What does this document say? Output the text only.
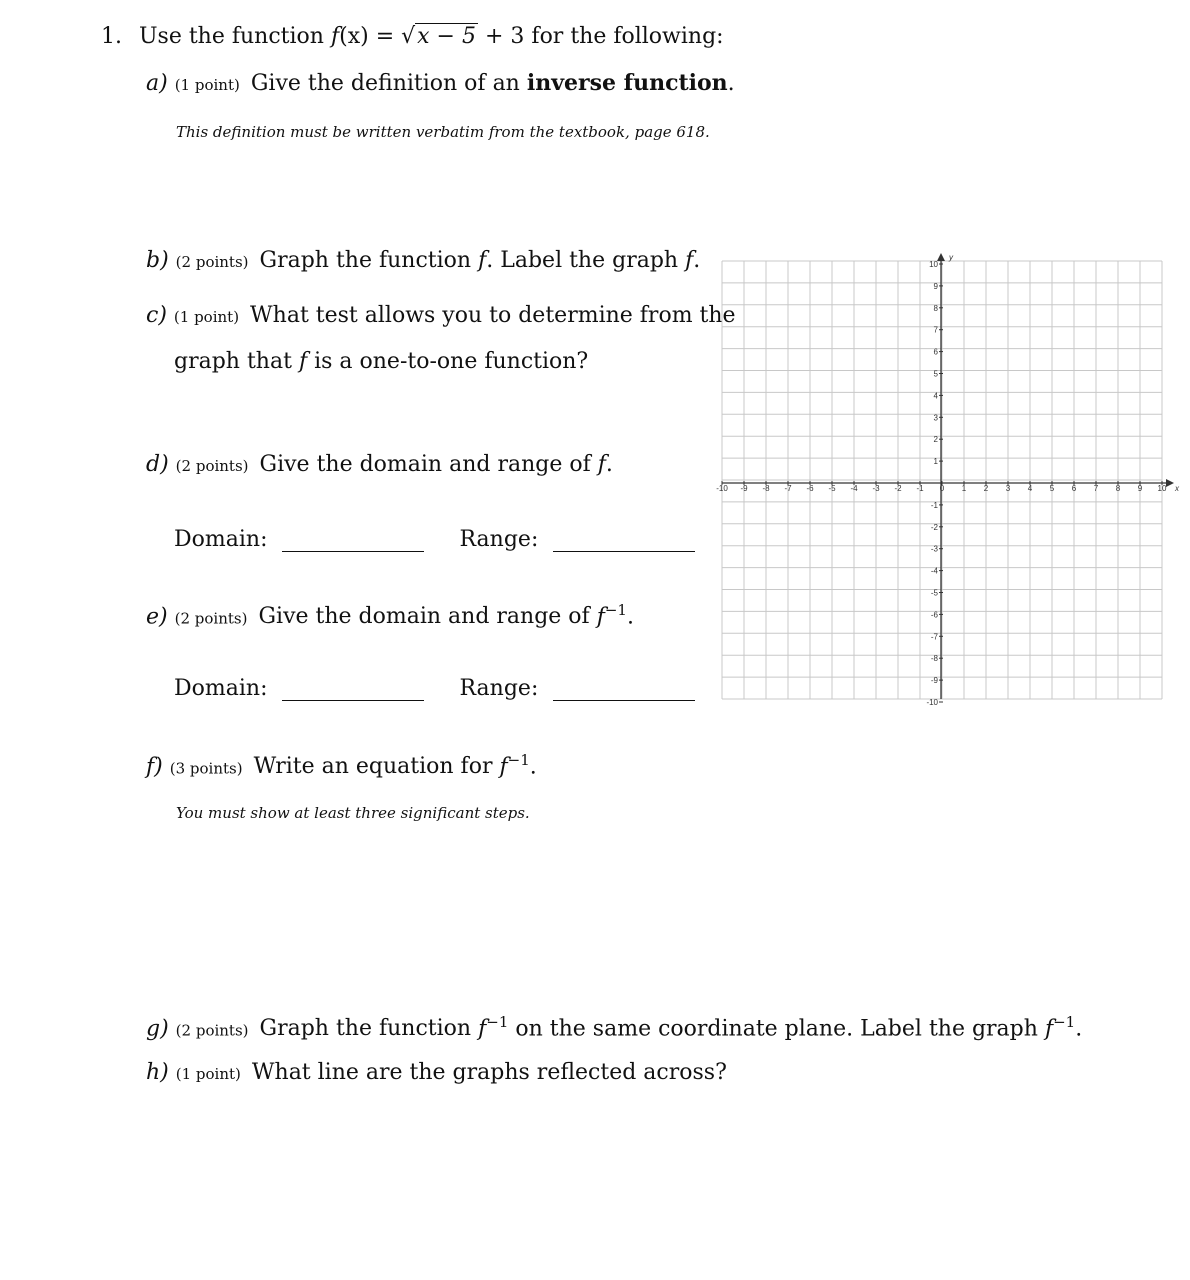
1. Use the function f(x) = √x − 5 + 3 for the following:
a) (1 point) Give the definition of an inverse function.
This definition must be written verbatim from the textbook, page 618.
b) (2 points) Graph the function f. Label the graph f.
c) (1 point) What test allows you to determine from the
graph that f is a one-to-one function?
d) (2 points) Give the domain and range of f.
Domain:	Range:
e) (2 points) Give the domain and range of $f^{-1}$.
Domain:	Range:
f) (3 points) Write an equation for $f^{-1}$.
You must show at least three significant steps.
g) (2 points) Graph the function $f^{-1}$ on the same coordinate plane. Label the graph $f^{-1}$.
h) (1 point) What line are the graphs reflected across?
-10 -9 -8 -7 -6 -5 -4 -3 -2 -1 0 1 2 3 4 5 6 7 8 9 10 x
10
9
8
7
6
5
4
3
2
1
-1
-2
-3
-4
-5
-6
-7
-8
-9
-10
y
